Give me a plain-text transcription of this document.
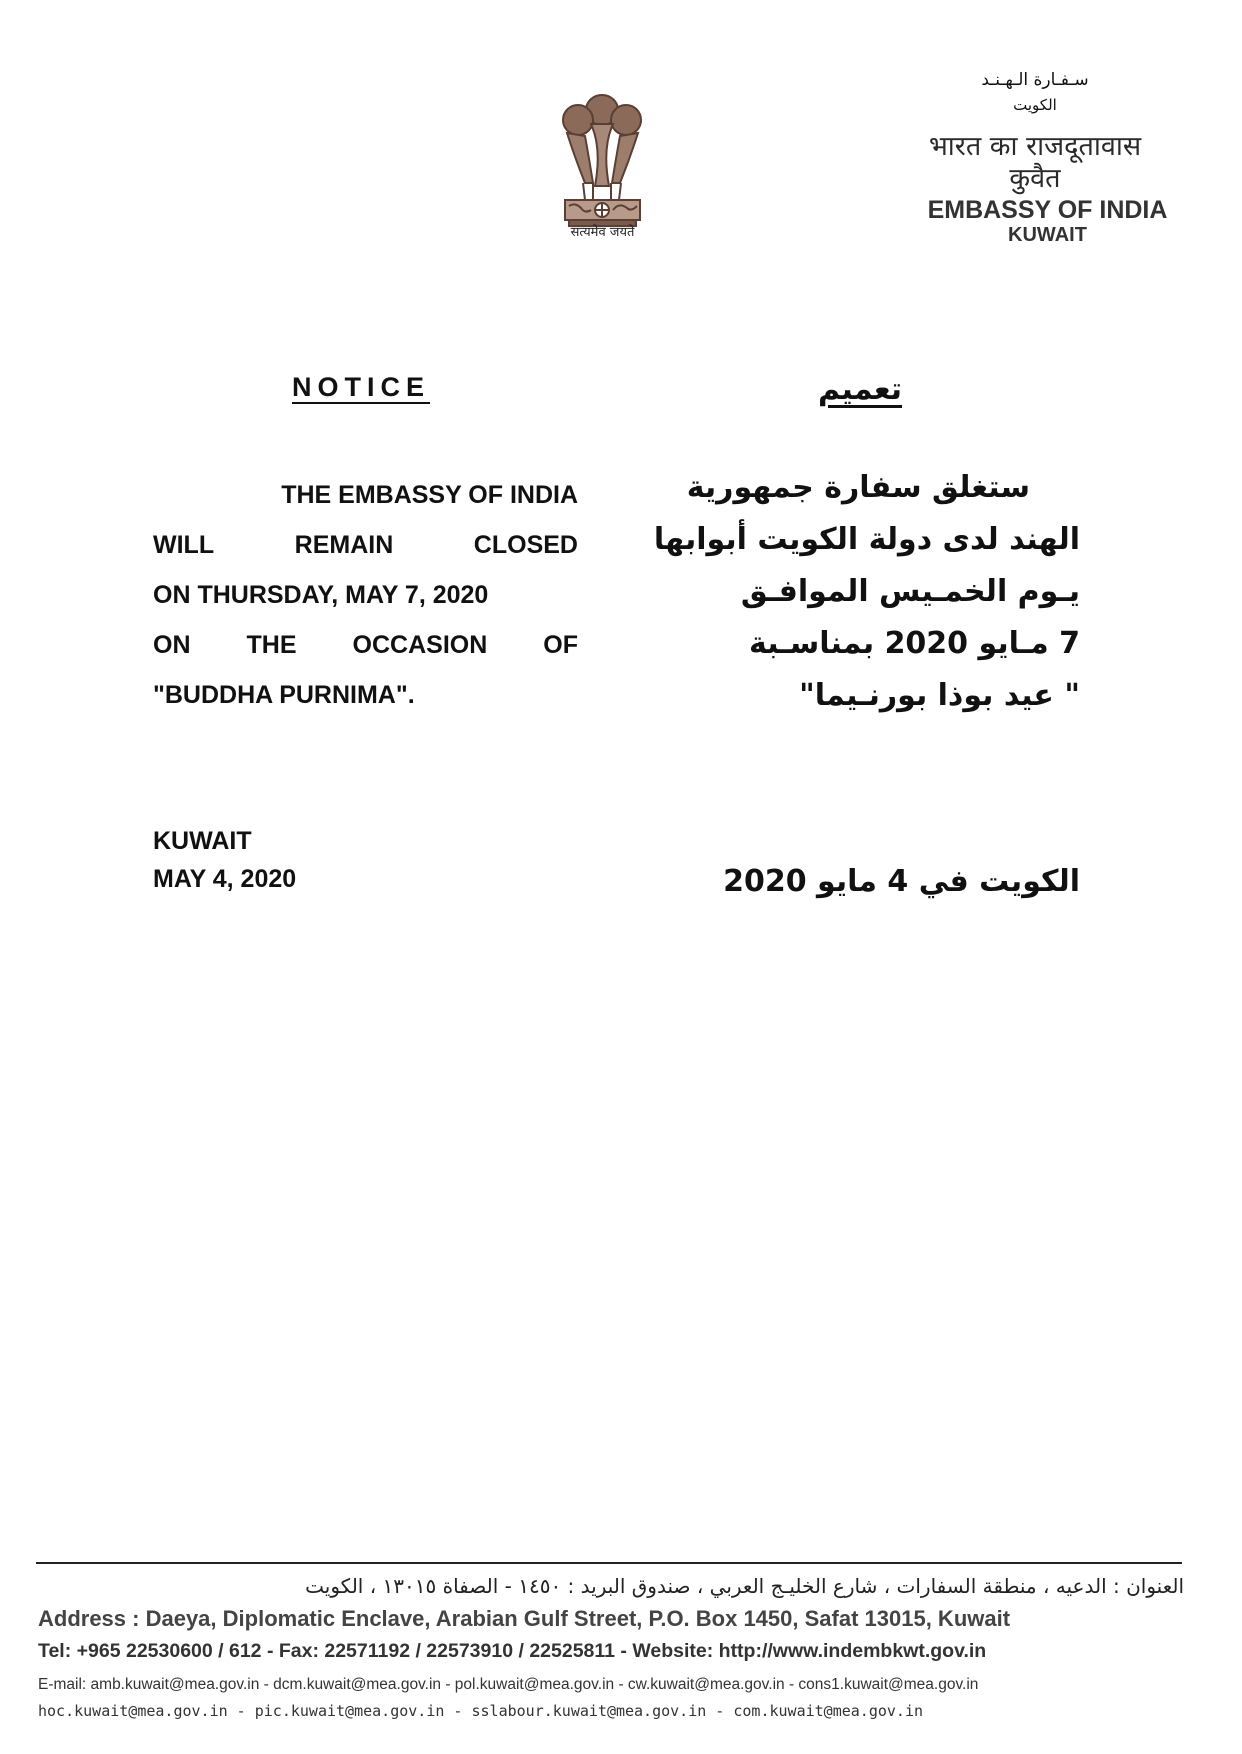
सत्यमेव जयते
سـفـارة الـهـنـد
الكويت
भारत का राजदूतावास
कुवैत
EMBASSY OF INDIA
KUWAIT
NOTICE	تعميم
THE EMBASSY OF INDIA
WILL	REMAIN	CLOSED
ON THURSDAY, MAY 7, 2020
ON THE OCCASION OF
"BUDDHA PURNIMA".
ستغلق سفارة جمهورية
الهند لدى دولة الكويت أبوابها
يـوم الخمـيس الموافـق
7 مـايو 2020 بمناسـبة
" عيد بوذا بورنـيما"
KUWAIT
MAY 4, 2020	الكويت في 4 مايو 2020
العنوان : الدعيه ، منطقة السفارات ، شارع الخليـج العربي ، صندوق البريد : ١٤٥٠ - الصفاة ١٣٠١٥ ، الكويت
Address : Daeya, Diplomatic Enclave, Arabian Gulf Street, P.O. Box 1450, Safat 13015, Kuwait
Tel: +965 22530600 / 612 - Fax: 22571192 / 22573910 / 22525811 - Website: http://www.indembkwt.gov.in
E-mail: amb.kuwait@mea.gov.in - dcm.kuwait@mea.gov.in - pol.kuwait@mea.gov.in - cw.kuwait@mea.gov.in - cons1.kuwait@mea.gov.in
hoc.kuwait@mea.gov.in - pic.kuwait@mea.gov.in - sslabour.kuwait@mea.gov.in - com.kuwait@mea.gov.in
